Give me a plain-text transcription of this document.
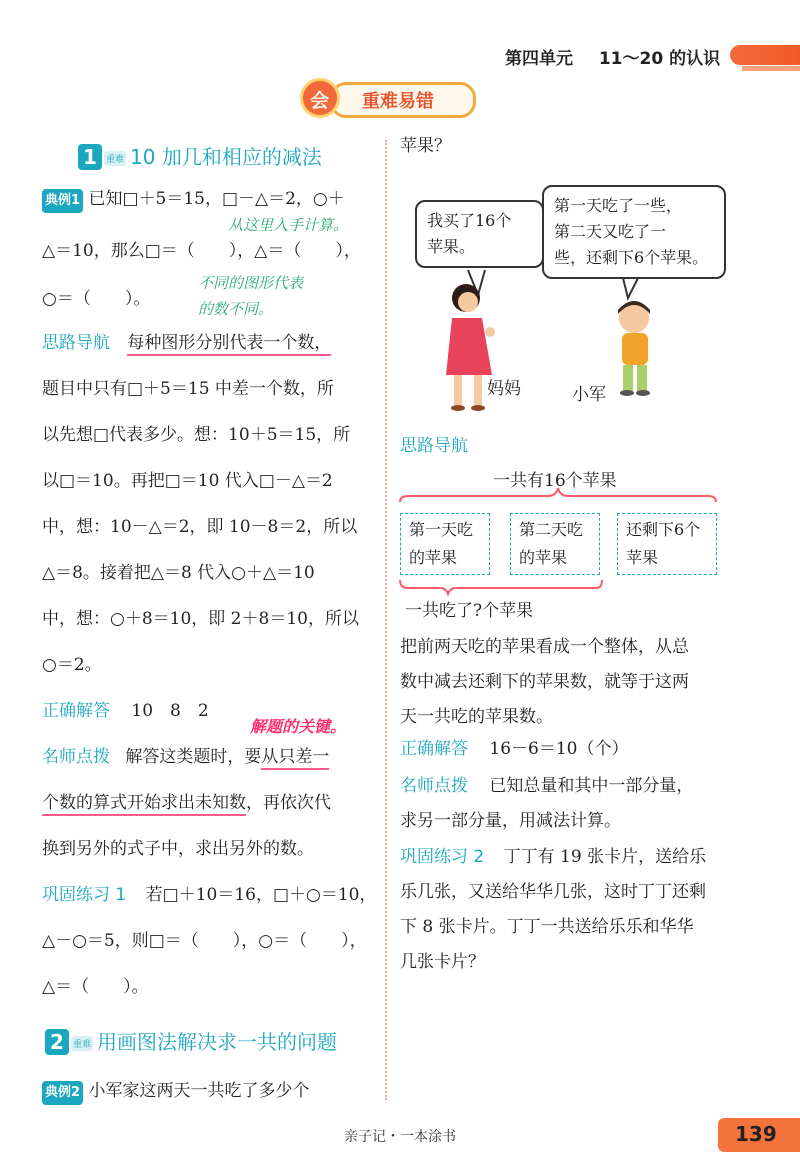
第四单元 11～20 的认识
会 重难易错
1 重难 10 加几和相应的减法
典例1 已知□＋5＝15，□－△＝2，○＋
从这里入手计算。
△＝10，那么□＝（　　），△＝（　　），
不同的图形代表
○＝（　　）。	的数不同。
思路导航 每种图形分别代表一个数，
题目中只有□＋5＝15 中差一个数，所
以先想□代表多少。想：10＋5＝15，所
以□＝10。再把□＝10 代入□－△＝2
中，想：10－△＝2，即 10－8＝2，所以
△＝8。接着把△＝8 代入○＋△＝10
中，想：○＋8＝10，即 2＋8＝10，所以
○＝2。
正确解答 10　8　2
解题的关键。
名师点拨 解答这类题时，要从只差一
个数的算式开始求出未知数，再依次代
换到另外的式子中，求出另外的数。
巩固练习 1 若□＋10＝16，□＋○＝10，
△－○＝5，则□＝（　　），○＝（　　），
△＝（　　）。
2 重难 用画图法解决求一共的问题
典例2 小军家这两天一共吃了多少个
苹果？
我买了16个
苹果。
第一天吃了一些，
第二天又吃了一
些，还剩下6个苹果。
妈妈	小军
思路导航
一共有16个苹果
第一天吃
的苹果
第二天吃
的苹果
还剩下6个
苹果
一共吃了?个苹果
把前两天吃的苹果看成一个整体，从总
数中减去还剩下的苹果数，就等于这两
天一共吃的苹果数。
正确解答 16－6＝10（个）
名师点拨 已知总量和其中一部分量，
求另一部分量，用减法计算。
巩固练习 2 丁丁有 19 张卡片，送给乐
乐几张，又送给华华几张，这时丁丁还剩
下 8 张卡片。丁丁一共送给乐乐和华华
几张卡片？
亲子记・一本涂书	139
